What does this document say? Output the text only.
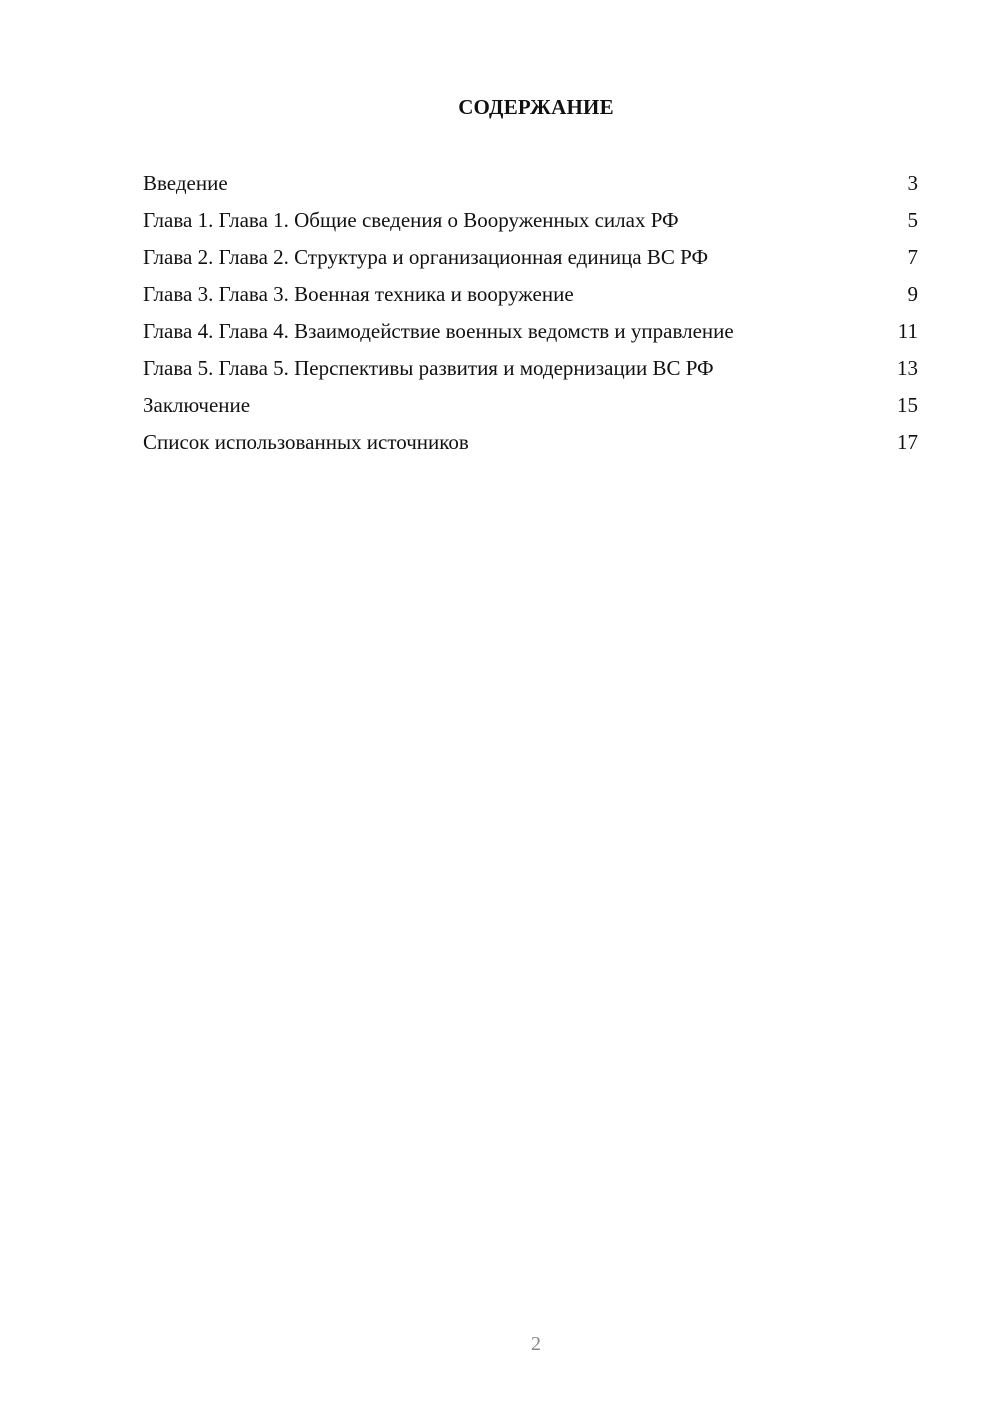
СОДЕРЖАНИЕ
Введение	3
Глава 1. Глава 1. Общие сведения о Вооруженных силах РФ	5
Глава 2. Глава 2. Структура и организационная единица ВС РФ	7
Глава 3. Глава 3. Военная техника и вооружение	9
Глава 4. Глава 4. Взаимодействие военных ведомств и управление	11
Глава 5. Глава 5. Перспективы развития и модернизации ВС РФ	13
Заключение	15
Список использованных источников	17
2
